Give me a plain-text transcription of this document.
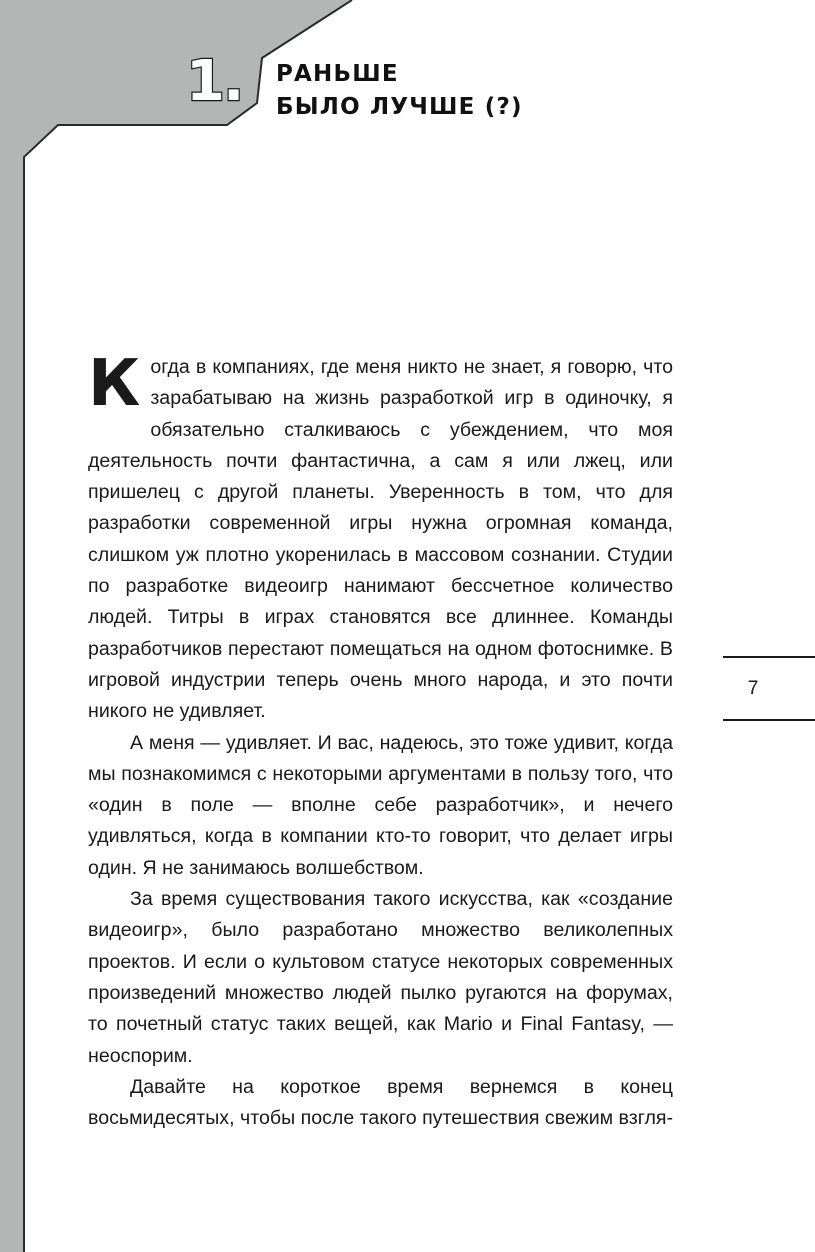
1. РАНЬШЕ
БЫЛО ЛУЧШЕ (?)

Когда в компаниях, где меня никто не знает, я говорю, что зарабатываю на жизнь разработкой игр в одиночку, я обязательно сталкиваюсь с убеждением, что моя деятельность почти фантастична, а сам я или лжец, или пришелец с другой планеты. Уверенность в том, что для разработки современной игры нужна огромная команда, слишком уж плотно укоренилась в массовом сознании. Студии по разработке видеоигр нанимают бессчетное количество людей. Титры в играх становятся все длиннее. Команды разработчиков перестают помещаться на одном фотоснимке. В игровой индустрии теперь очень много народа, и это почти никого не удивляет.

А меня — удивляет. И вас, надеюсь, это тоже удивит, когда мы познакомимся с некоторыми аргументами в пользу того, что «один в поле — вполне себе разработчик», и нечего удивляться, когда в компании кто-то говорит, что делает игры один. Я не занимаюсь волшебством.

За время существования такого искусства, как «создание видеоигр», было разработано множество великолепных проектов. И если о культовом статусе некоторых современных произведений множество людей пылко ругаются на форумах, то почетный статус таких вещей, как Mario и Final Fantasy, — неоспорим.

Давайте на короткое время вернемся в конец восьмидесятых, чтобы после такого путешествия свежим взгля-

7
